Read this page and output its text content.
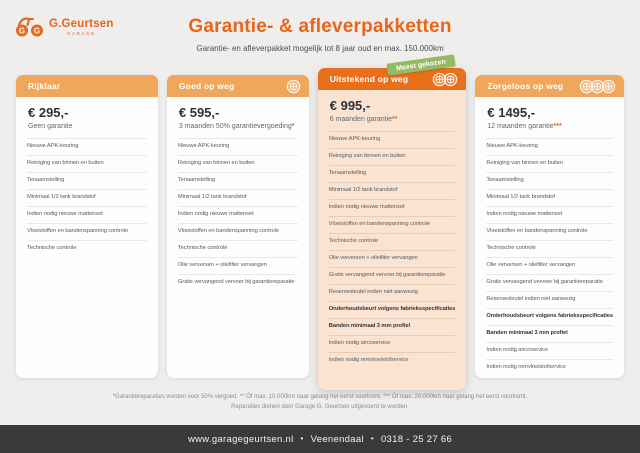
G G
G.Geurtsen
GARAGE	Garantie- & afleverpakketten

Garantie- en afleverpakket mogelijk tot 8 jaar oud en max. 150.000km

Rijklaar
€ 295,-
Geen garantie
Nieuwe APK-keuring
Reiniging van binnen en buiten
Tenaamstelling
Minimaal 1/2 tank brandstof
Indien nodig nieuwe mattenset
Vloeistoffen en bandenspanning controle
Technische controle
Goed op weg
€ 595,-
3 maanden 50% garantievergoeding*
Nieuwe APK-keuring
Reiniging van binnen en buiten
Tenaamstelling
Minimaal 1/2 tank brandstof
Indien nodig nieuwe mattenset
Vloeistoffen en bandenspanning controle
Technische controle
Olie verversen + oliefilter vervangen
Gratis vervangend vervoer bij garantiereparatie
Meest gekozen
Uitstekend op weg
€ 995,-
6 maanden garantie**
Nieuwe APK-keuring
Reiniging van binnen en buiten
Tenaamstelling
Minimaal 1/2 tank brandstof
Indien nodig nieuwe mattenset
Vloeistoffen en bandenspanning controle
Technische controle
Olie verversen + oliefilter vervangen
Gratis vervangend vervoer bij garantiereparatie
Reservesleutel indien niet aanwezig
Onderhoudsbeurt volgens fabrieksspecificaties
Banden minimaal 3 mm profiel
Indien nodig aircoservice
Indien nodig remvloeistofservice
Zorgeloos op weg
€ 1495,-
12 maanden garantie***
Nieuwe APK-keuring
Reiniging van binnen en buiten
Tenaamstelling
Minimaal 1/2 tank brandstof
Indien nodig nieuwe mattenset
Vloeistoffen en bandenspanning controle
Technische controle
Olie verversen + oliefilter vervangen
Gratis vervangend vervoer bij garantiereparatie
Reservesleutel indien niet aanwezig
Onderhoudsbeurt volgens fabrieksspecificaties
Banden minimaal 3 mm profiel
Indien nodig aircoservice
Indien nodig remvloeistofservice
*Garantiereparaties worden voor 50% vergoed. ** Óf max. 10.000km naar gelang het eerst voorkomt. *** Óf max. 20.000km naar gelang het eerst voorkomt.
Reparaties dienen door Garage G. Geurtsen uitgevoerd te worden.
www.garagegeurtsen.nl • Veenendaal • 0318 - 25 27 66
